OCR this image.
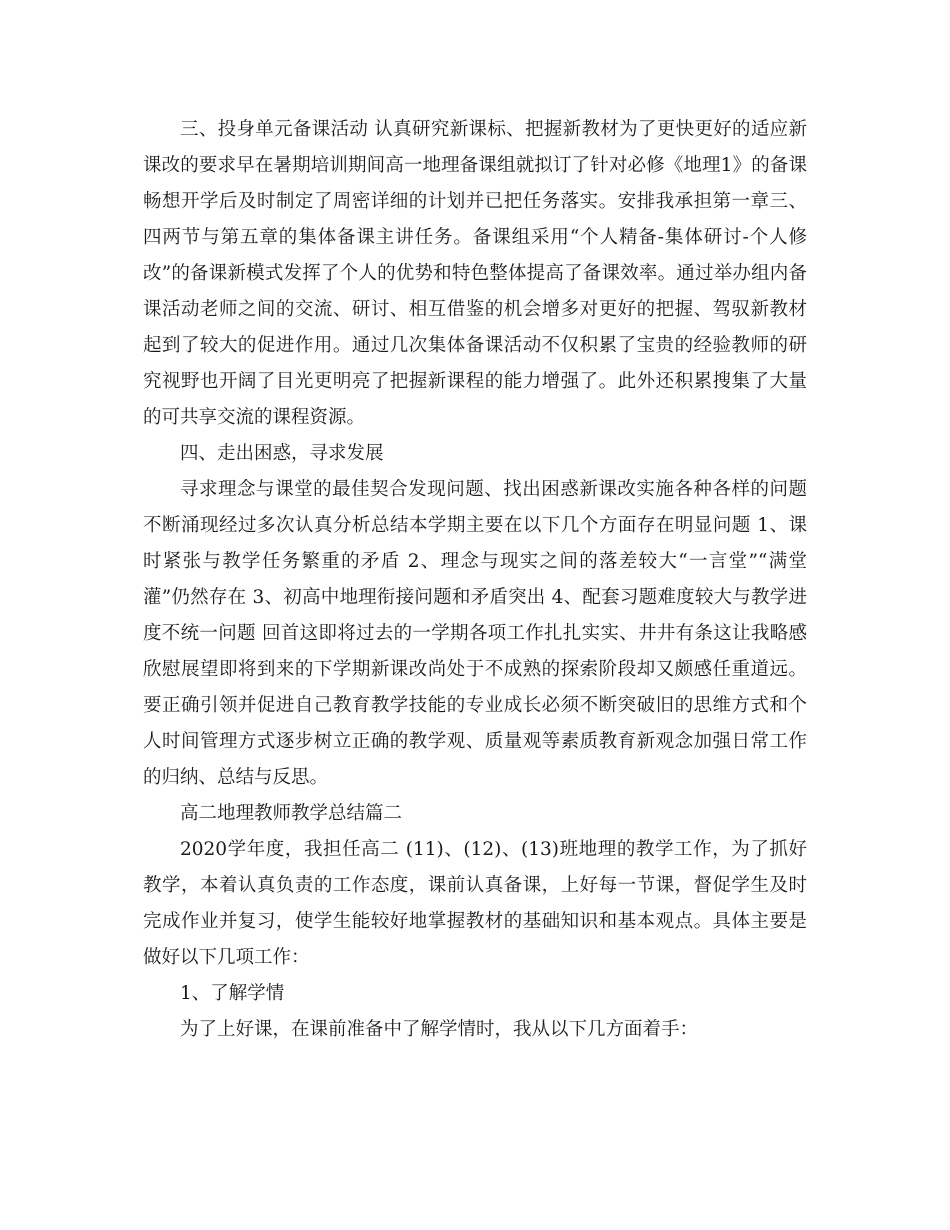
三、投身单元备课活动 认真研究新课标、把握新教材为了更快更好的适应新课改的要求早在暑期培训期间高一地理备课组就拟订了针对必修《地理1》的备课畅想开学后及时制定了周密详细的计划并已把任务落实。安排我承担第一章三、四两节与第五章的集体备课主讲任务。备课组采用“个人精备-集体研讨-个人修改”的备课新模式发挥了个人的优势和特色整体提高了备课效率。通过举办组内备课活动老师之间的交流、研讨、相互借鉴的机会增多对更好的把握、驾驭新教材起到了较大的促进作用。通过几次集体备课活动不仅积累了宝贵的经验教师的研究视野也开阔了目光更明亮了把握新课程的能力增强了。此外还积累搜集了大量的可共享交流的课程资源。

四、走出困惑，寻求发展

寻求理念与课堂的最佳契合发现问题、找出困惑新课改实施各种各样的问题不断涌现经过多次认真分析总结本学期主要在以下几个方面存在明显问题 1、课时紧张与教学任务繁重的矛盾 2、理念与现实之间的落差较大“一言堂”“满堂灌”仍然存在 3、初高中地理衔接问题和矛盾突出 4、配套习题难度较大与教学进度不统一问题 回首这即将过去的一学期各项工作扎扎实实、井井有条这让我略感欣慰展望即将到来的下学期新课改尚处于不成熟的探索阶段却又颇感任重道远。要正确引领并促进自己教育教学技能的专业成长必须不断突破旧的思维方式和个人时间管理方式逐步树立正确的教学观、质量观等素质教育新观念加强日常工作的归纳、总结与反思。

高二地理教师教学总结篇二

2020学年度，我担任高二 (11)、(12)、(13)班地理的教学工作，为了抓好教学，本着认真负责的工作态度，课前认真备课，上好每一节课，督促学生及时完成作业并复习，使学生能较好地掌握教材的基础知识和基本观点。具体主要是做好以下几项工作：

1、了解学情

为了上好课，在课前准备中了解学情时，我从以下几方面着手：
